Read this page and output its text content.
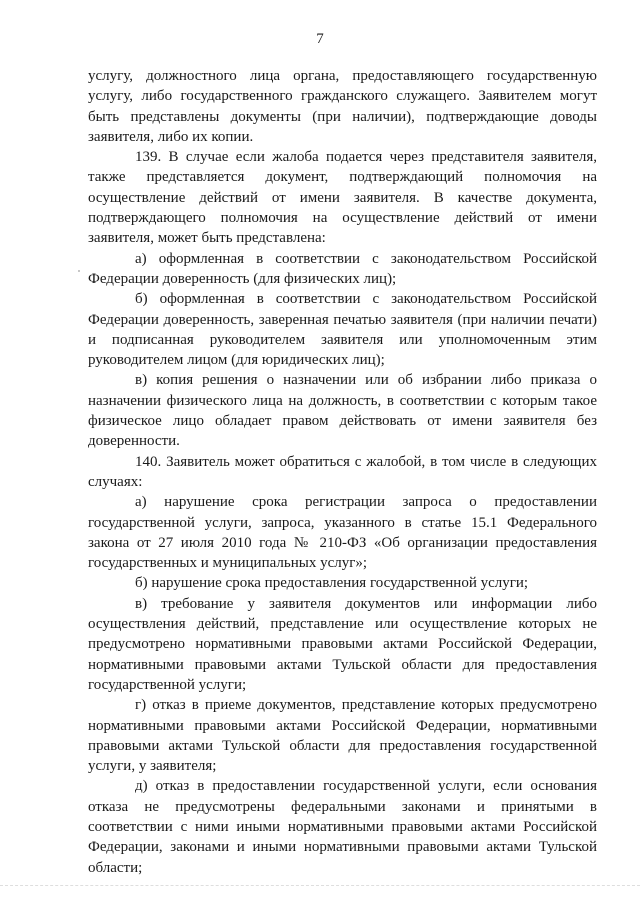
7

услугу, должностного лица органа, предоставляющего государственную услугу, либо государственного гражданского служащего. Заявителем могут быть представлены документы (при наличии), подтверждающие доводы заявителя, либо их копии.

139. В случае если жалоба подается через представителя заявителя, также представляется документ, подтверждающий полномочия на осуществление действий от имени заявителя. В качестве документа, подтверждающего полномочия на осуществление действий от имени заявителя, может быть представлена:

а) оформленная в соответствии с законодательством Российской Федерации доверенность (для физических лиц);

б) оформленная в соответствии с законодательством Российской Федерации доверенность, заверенная печатью заявителя (при наличии печати) и подписанная руководителем заявителя или уполномоченным этим руководителем лицом (для юридических лиц);

в) копия решения о назначении или об избрании либо приказа о назначении физического лица на должность, в соответствии с которым такое физическое лицо обладает правом действовать от имени заявителя без доверенности.

140. Заявитель может обратиться с жалобой, в том числе в следующих случаях:

а) нарушение срока регистрации запроса о предоставлении государственной услуги, запроса, указанного в статье 15.1 Федерального закона от 27 июля 2010 года № 210-ФЗ «Об организации предоставления государственных и муниципальных услуг»;

б) нарушение срока предоставления государственной услуги;

в) требование у заявителя документов или информации либо осуществления действий, представление или осуществление которых не предусмотрено нормативными правовыми актами Российской Федерации, нормативными правовыми актами Тульской области для предоставления государственной услуги;

г) отказ в приеме документов, представление которых предусмотрено нормативными правовыми актами Российской Федерации, нормативными правовыми актами Тульской области для предоставления государственной услуги, у заявителя;

д) отказ в предоставлении государственной услуги, если основания отказа не предусмотрены федеральными законами и принятыми в соответствии с ними иными нормативными правовыми актами Российской Федерации, законами и иными нормативными правовыми актами Тульской области;
